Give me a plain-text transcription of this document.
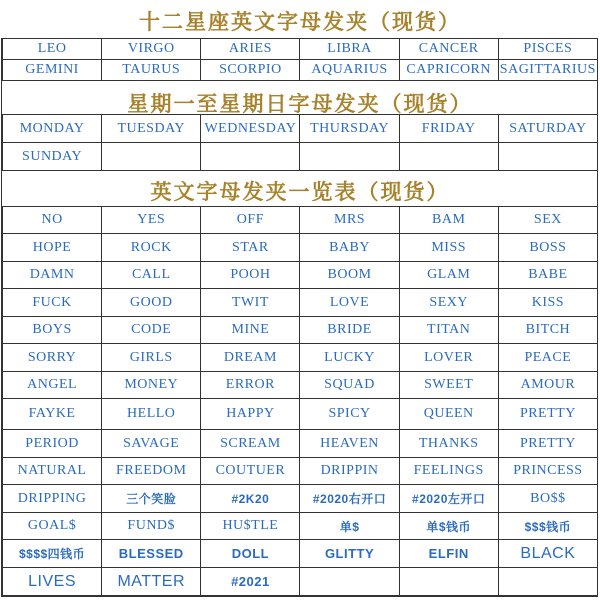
十二星座英文字母发夹（现货）
LEO	VIRGO	ARIES	LIBRA	CANCER	PISCES
GEMINI	TAURUS	SCORPIO	AQUARIUS	CAPRICORN	SAGITTARIUS
星期一至星期日字母发夹（现货）
MONDAY	TUESDAY	WEDNESDAY	THURSDAY	FRIDAY	SATURDAY
SUNDAY					
英文字母发夹一览表（现货）
NO	YES	OFF	MRS	BAM	SEX
HOPE	ROCK	STAR	BABY	MISS	BOSS
DAMN	CALL	POOH	BOOM	GLAM	BABE
FUCK	GOOD	TWIT	LOVE	SEXY	KISS
BOYS	CODE	MINE	BRIDE	TITAN	BITCH
SORRY	GIRLS	DREAM	LUCKY	LOVER	PEACE
ANGEL	MONEY	ERROR	SQUAD	SWEET	AMOUR
FAYKE	HELLO	HAPPY	SPICY	QUEEN	PRETTY
PERIOD	SAVAGE	SCREAM	HEAVEN	THANKS	PRETTY
NATURAL	FREEDOM	COUTUER	DRIPPIN	FEELINGS	PRINCESS
DRIPPING	三个笑脸	#2K20	#2020右开口	#2020左开口	BO$$
GOAL$	FUND$	HU$TLE	单$	单$钱币	$$$钱币
$$$$四钱币	BLESSED	DOLL	GLITTY	ELFIN	BLACK
LIVES	MATTER	#2021			
